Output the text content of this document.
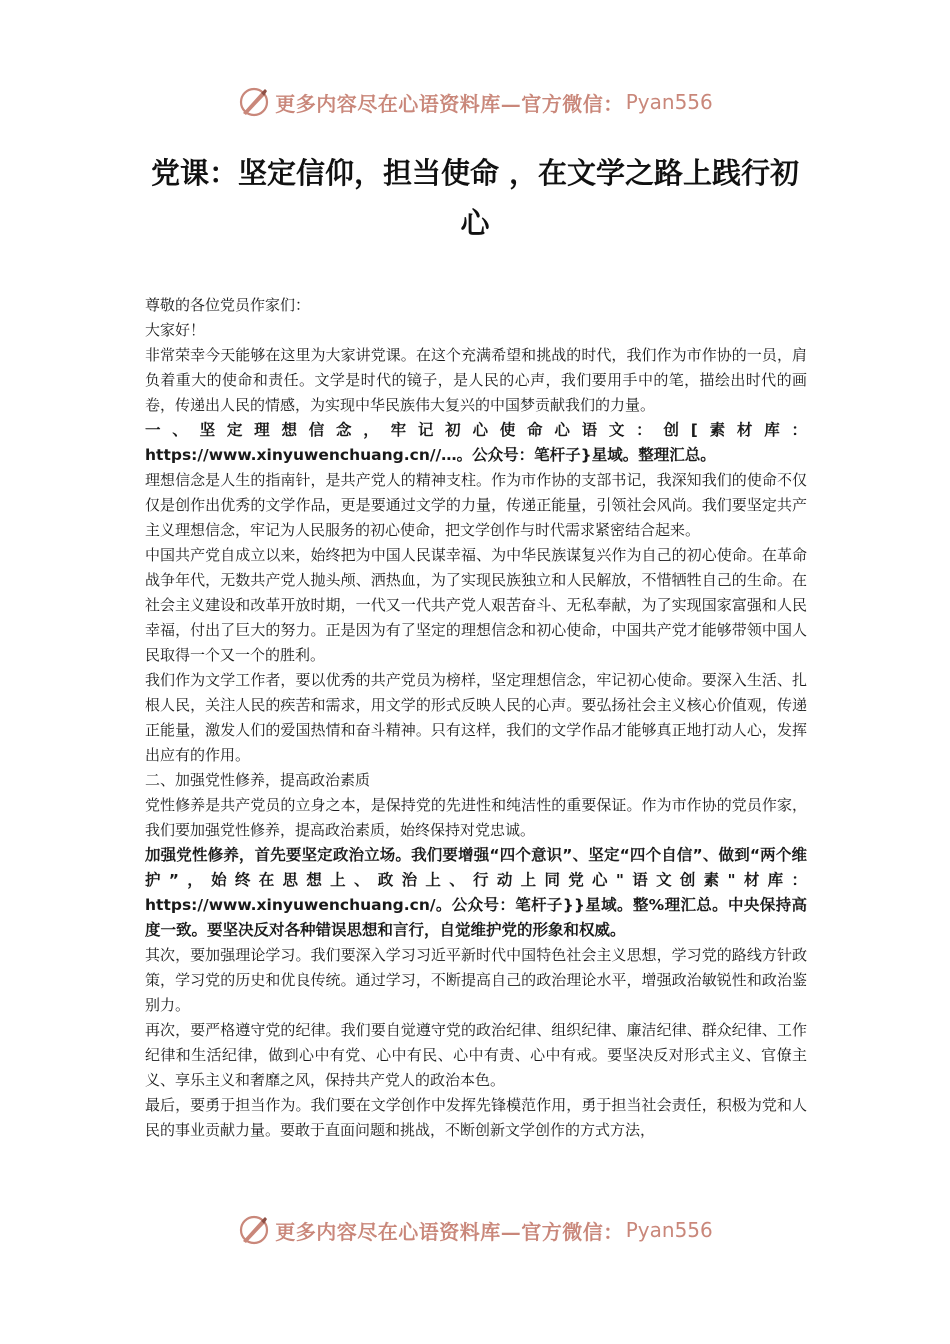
更多内容尽在心语资料库—官方微信： Pyan556
党课：坚定信仰，担当使命 ，在文学之路上践行初心

尊敬的各位党员作家们：

大家好！

非常荣幸今天能够在这里为大家讲党课。在这个充满希望和挑战的时代，我们作为市作协的一员，肩负着重大的使命和责任。文学是时代的镜子，是人民的心声，我们要用手中的笔，描绘出时代的画卷，传递出人民的情感，为实现中华民族伟大复兴的中国梦贡献我们的力量。

一、坚定理想信念，牢记初心使命心语文：创[素材库：https://www.xinyuwenchuang.cn//…。公众号：笔杆子}星域。整理汇总。

理想信念是人生的指南针，是共产党人的精神支柱。作为市作协的支部书记，我深知我们的使命不仅仅是创作出优秀的文学作品，更是要通过文学的力量，传递正能量，引领社会风尚。我们要坚定共产主义理想信念，牢记为人民服务的初心使命，把文学创作与时代需求紧密结合起来。

中国共产党自成立以来，始终把为中国人民谋幸福、为中华民族谋复兴作为自己的初心使命。在革命战争年代，无数共产党人抛头颅、洒热血，为了实现民族独立和人民解放，不惜牺牲自己的生命。在社会主义建设和改革开放时期，一代又一代共产党人艰苦奋斗、无私奉献，为了实现国家富强和人民幸福，付出了巨大的努力。正是因为有了坚定的理想信念和初心使命，中国共产党才能够带领中国人民取得一个又一个的胜利。

我们作为文学工作者，要以优秀的共产党员为榜样，坚定理想信念，牢记初心使命。要深入生活、扎根人民，关注人民的疾苦和需求，用文学的形式反映人民的心声。要弘扬社会主义核心价值观，传递正能量，激发人们的爱国热情和奋斗精神。只有这样，我们的文学作品才能够真正地打动人心，发挥出应有的作用。

二、加强党性修养，提高政治素质

党性修养是共产党员的立身之本，是保持党的先进性和纯洁性的重要保证。作为市作协的党员作家，我们要加强党性修养，提高政治素质，始终保持对党忠诚。

加强党性修养，首先要坚定政治立场。我们要增强“四个意识”、坚定“四个自信”、做到“两个维护”，始终在思想上、政治上、行动上同党心"语文创素"材库：https://www.xinyuwenchuang.cn/。公众号：笔杆子}}星域。整%理汇总。中央保持高度一致。要坚决反对各种错误思想和言行，自觉维护党的形象和权威。

其次，要加强理论学习。我们要深入学习习近平新时代中国特色社会主义思想，学习党的路线方针政策，学习党的历史和优良传统。通过学习，不断提高自己的政治理论水平，增强政治敏锐性和政治鉴别力。

再次，要严格遵守党的纪律。我们要自觉遵守党的政治纪律、组织纪律、廉洁纪律、群众纪律、工作纪律和生活纪律，做到心中有党、心中有民、心中有责、心中有戒。要坚决反对形式主义、官僚主义、享乐主义和奢靡之风，保持共产党人的政治本色。

最后，要勇于担当作为。我们要在文学创作中发挥先锋模范作用，勇于担当社会责任，积极为党和人民的事业贡献力量。要敢于直面问题和挑战，不断创新文学创作的方式方法，

更多内容尽在心语资料库—官方微信： Pyan556
